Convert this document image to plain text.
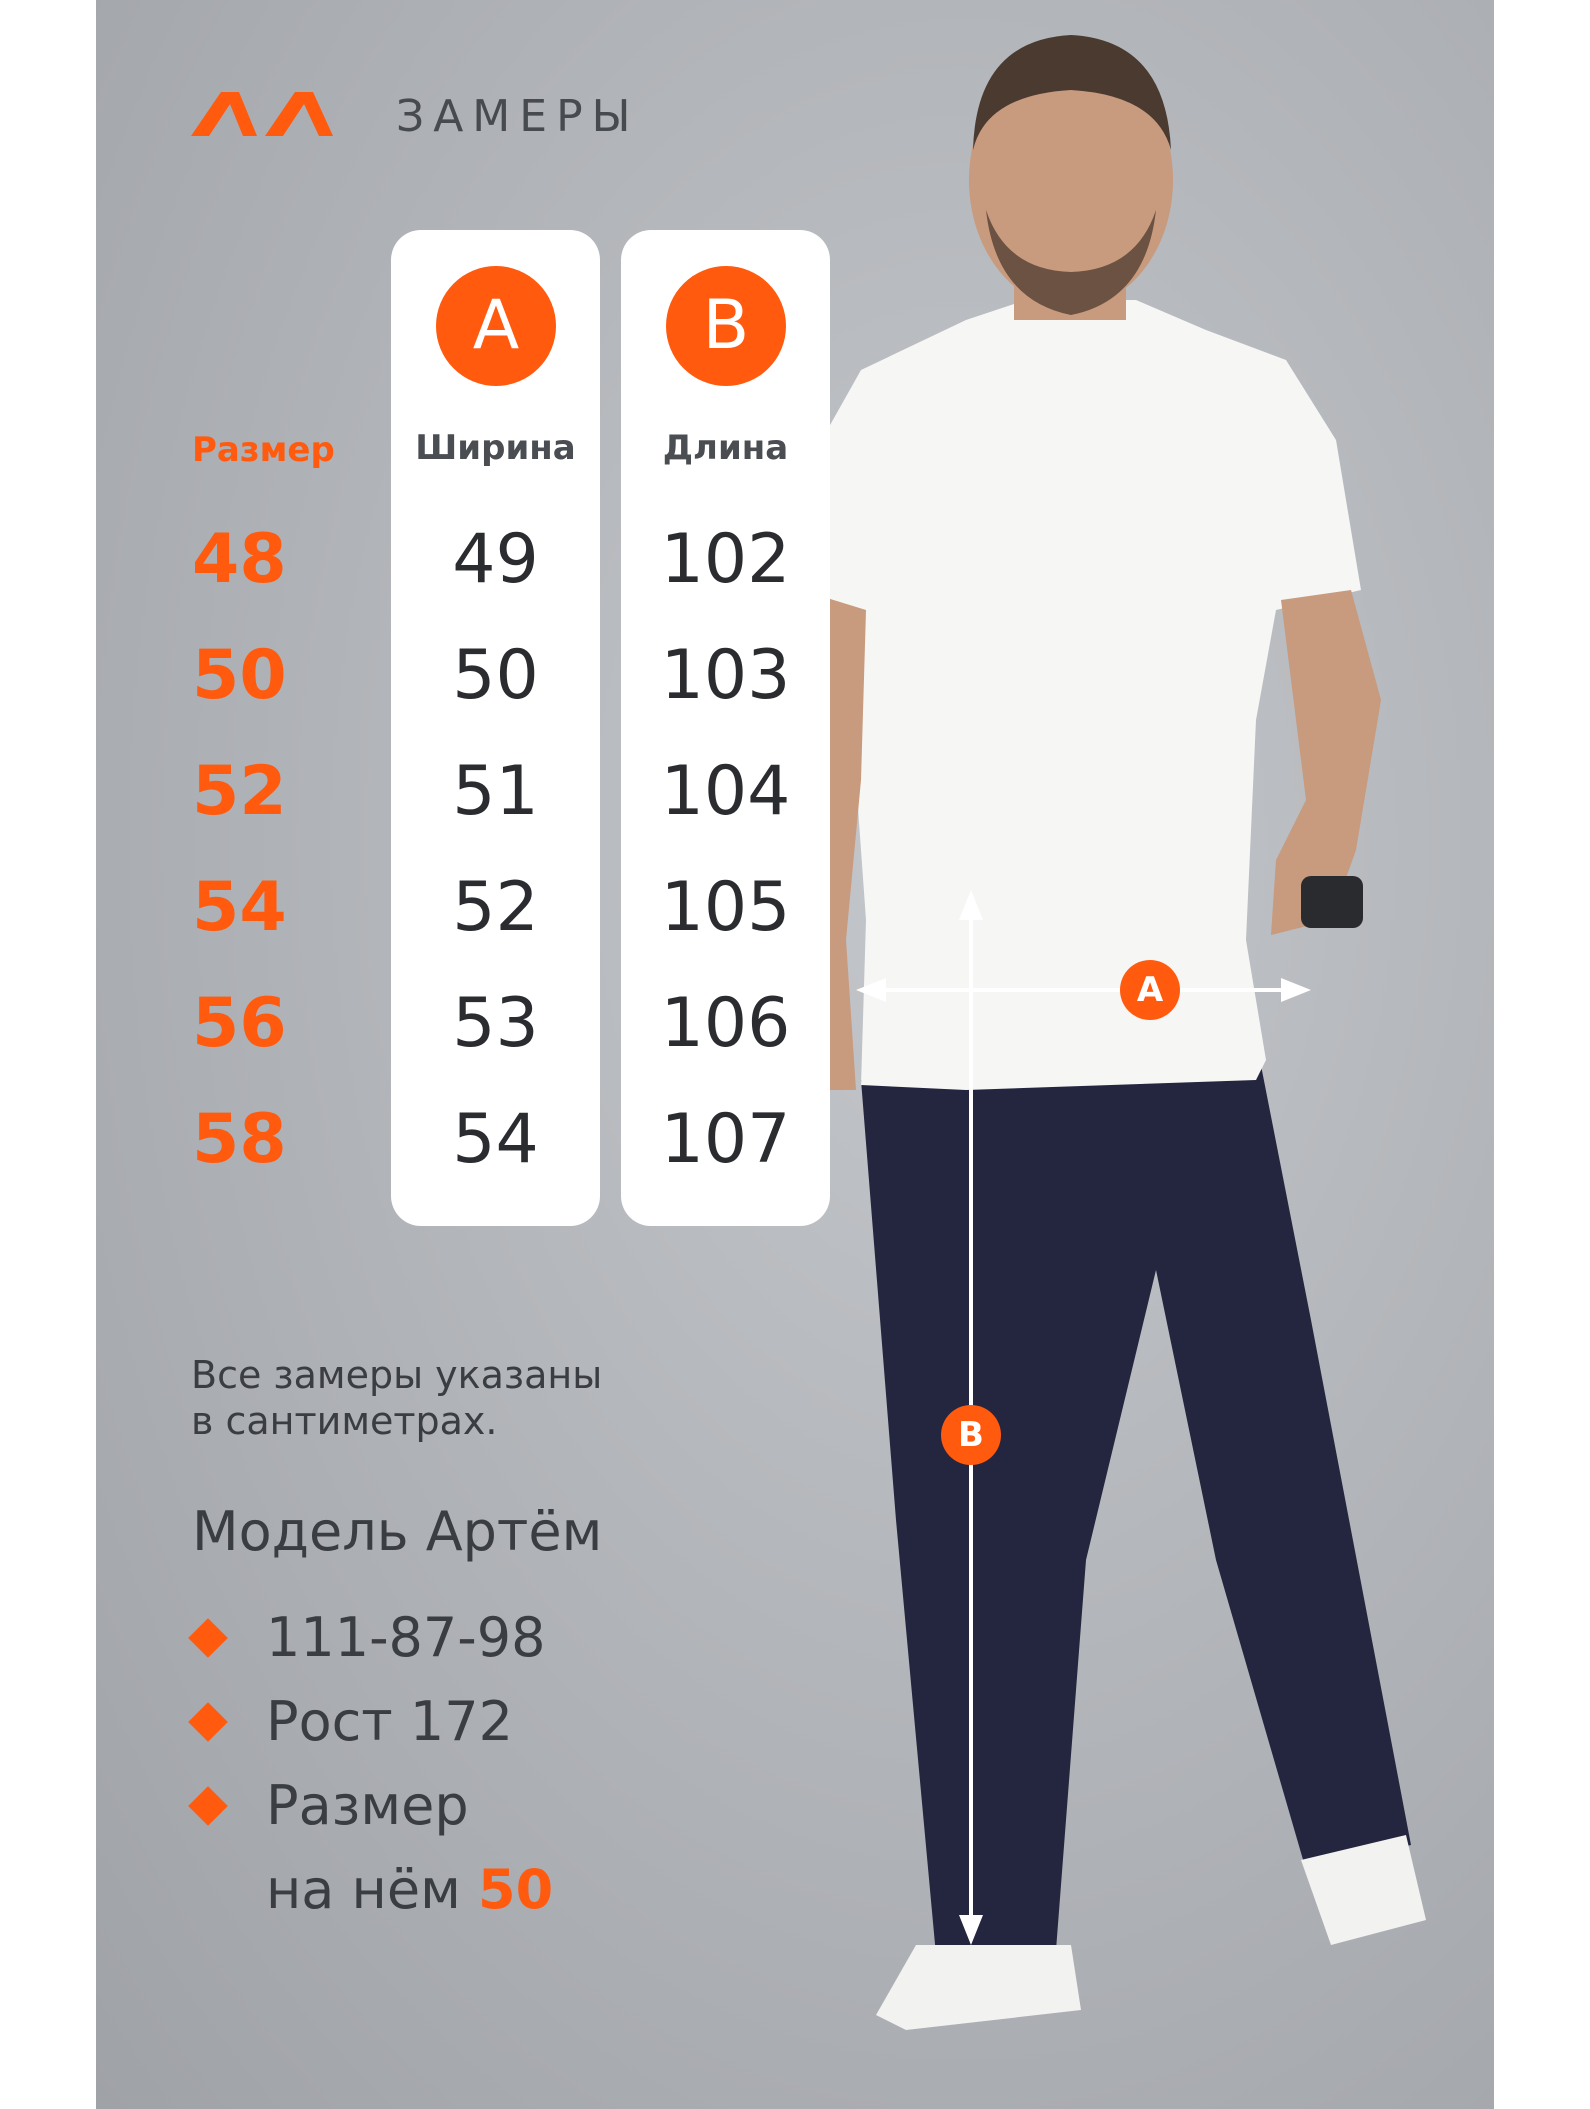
A
B
ЗАМЕРЫ
Размер
48
50
52
54
56
58
A
Ширина
49
50
51
52
53
54
B
Длина
102
103
104
105
106
107
Все замеры указаны
в сантиметрах.
Модель Артём
111-87-98
Рост 172
Размер
на нём 50
